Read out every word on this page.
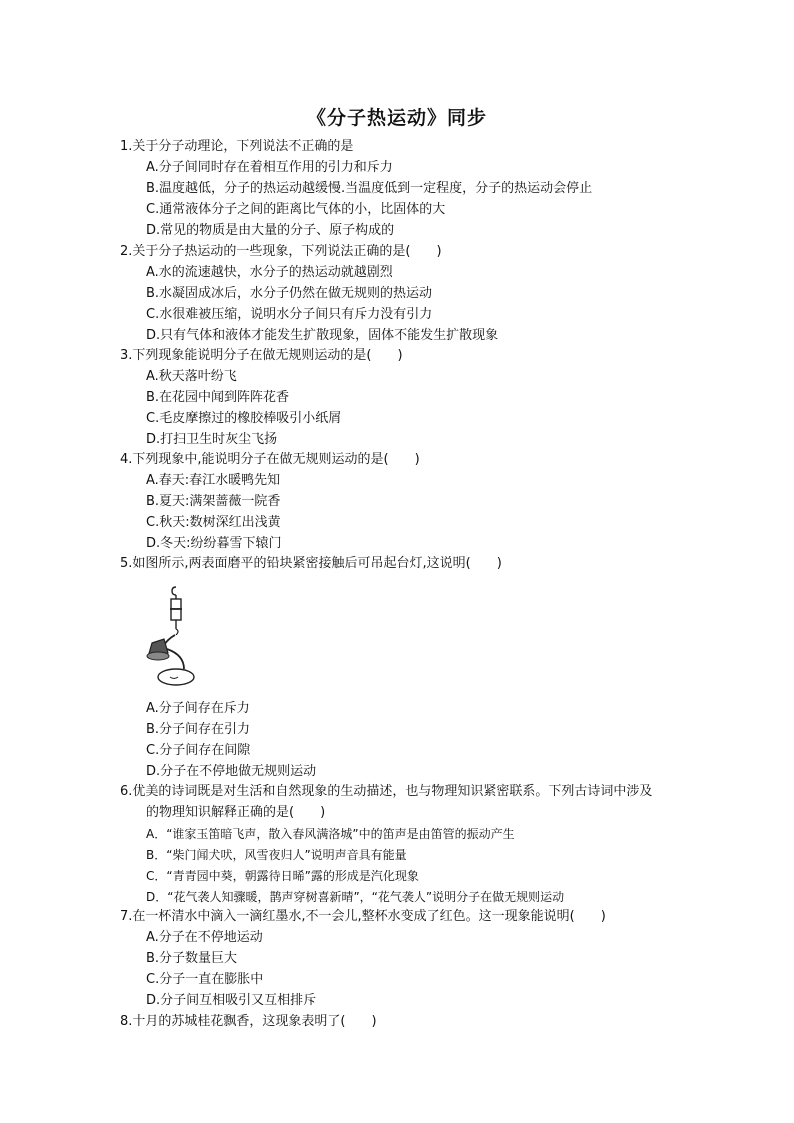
《分子热运动》同步
1.关于分子动理论，下列说法不正确的是
A.分子间同时存在着相互作用的引力和斥力
B.温度越低，分子的热运动越缓慢.当温度低到一定程度，分子的热运动会停止
C.通常液体分子之间的距离比气体的小，比固体的大
D.常见的物质是由大量的分子、原子构成的
2.关于分子热运动的一些现象，下列说法正确的是(　　)
A.水的流速越快，水分子的热运动就越剧烈
B.水凝固成冰后，水分子仍然在做无规则的热运动
C.水很难被压缩，说明水分子间只有斥力没有引力
D.只有气体和液体才能发生扩散现象，固体不能发生扩散现象
3.下列现象能说明分子在做无规则运动的是(　　)
A.秋天落叶纷飞
B.在花园中闻到阵阵花香
C.毛皮摩擦过的橡胶棒吸引小纸屑
D.打扫卫生时灰尘飞扬
4.下列现象中,能说明分子在做无规则运动的是(　　)
A.春天:春江水暖鸭先知
B.夏天:满架蔷薇一院香
C.秋天:数树深红出浅黄
D.冬天:纷纷暮雪下辕门
5.如图所示,两表面磨平的铅块紧密接触后可吊起台灯,这说明(　　)
A.分子间存在斥力
B.分子间存在引力
C.分子间存在间隙
D.分子在不停地做无规则运动
6.优美的诗词既是对生活和自然现象的生动描述，也与物理知识紧密联系。下列古诗词中涉及
的物理知识解释正确的是(　　)
A．“谁家玉笛暗飞声，散入春风满洛城”中的笛声是由笛管的振动产生
B．“柴门闻犬吠，风雪夜归人”说明声音具有能量
C．“青青园中葵，朝露待日晞”露的形成是汽化现象
D．“花气袭人知骤暖，鹊声穿树喜新晴”，“花气袭人”说明分子在做无规则运动
7.在一杯清水中滴入一滴红墨水,不一会儿,整杯水变成了红色。这一现象能说明(　　)
A.分子在不停地运动
B.分子数量巨大
C.分子一直在膨胀中
D.分子间互相吸引又互相排斥
8.十月的苏城桂花飘香，这现象表明了(　　)
